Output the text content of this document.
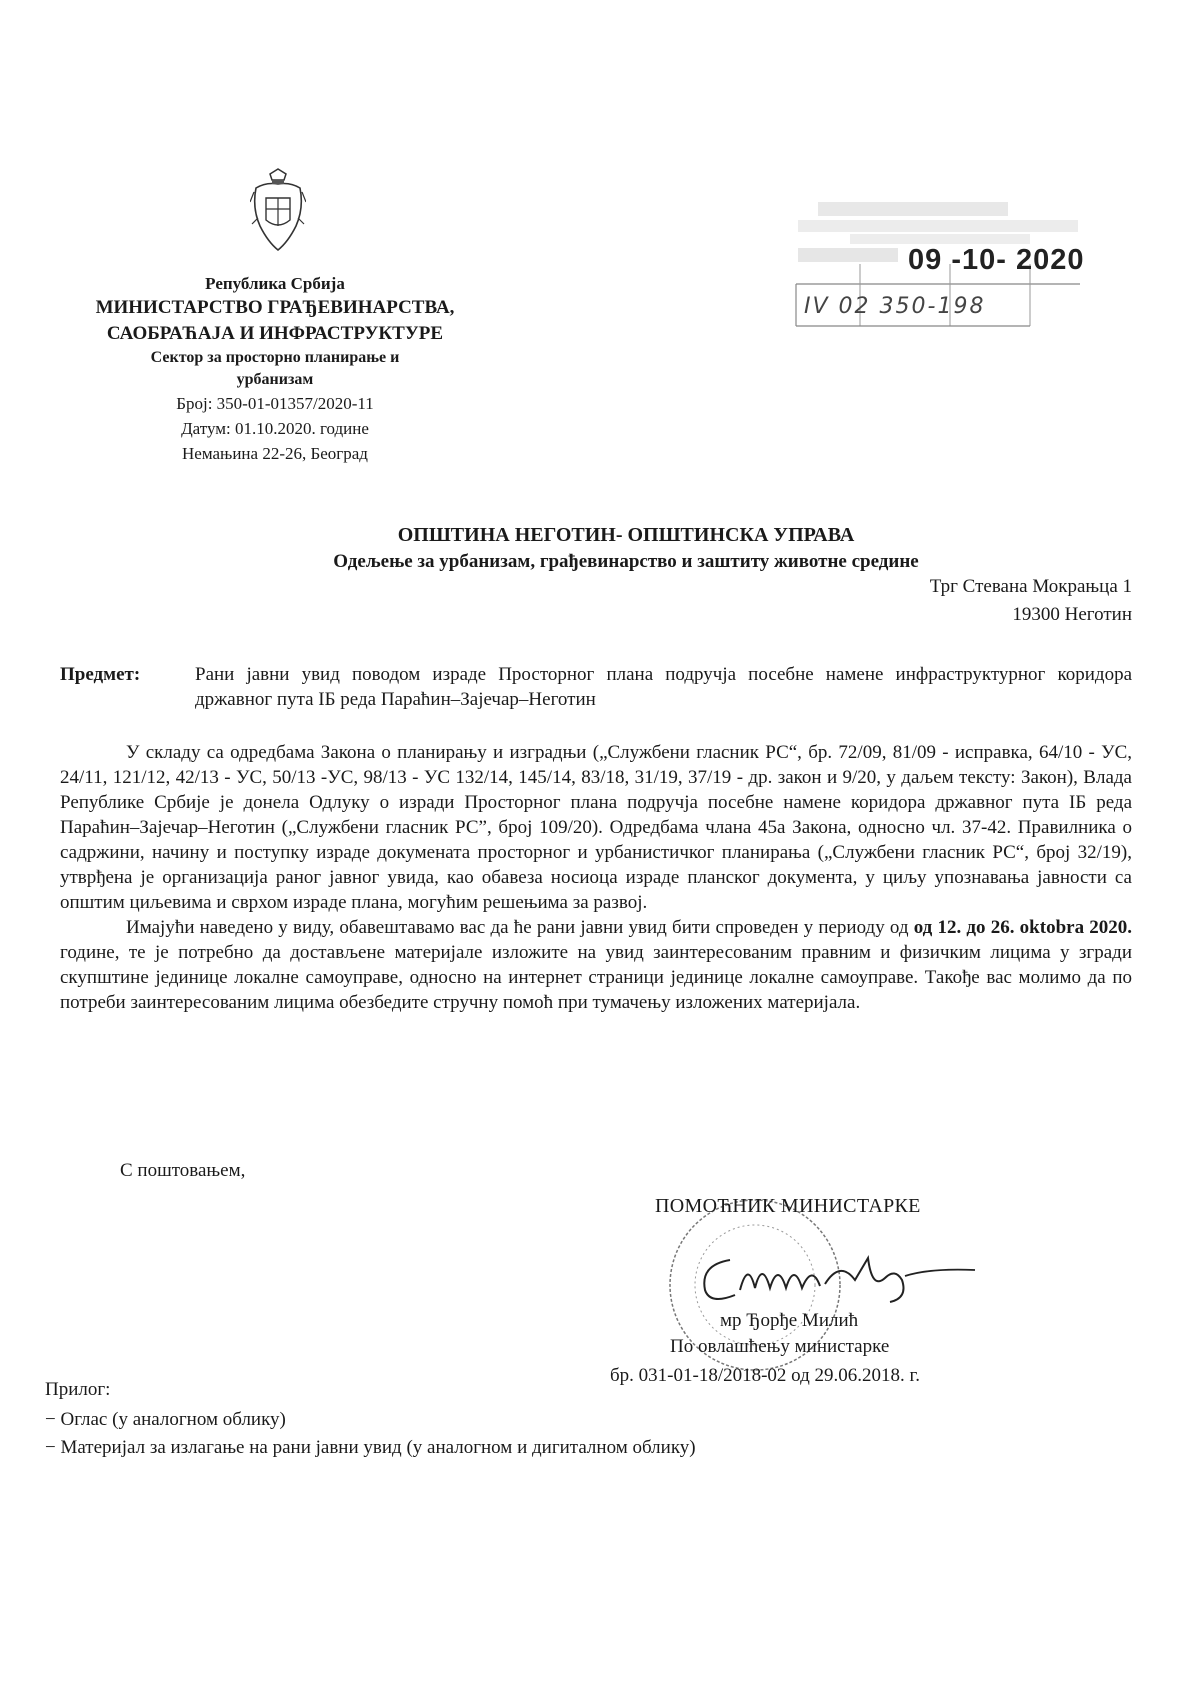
Република Србија
МИНИСТАРСТВО ГРАЂЕВИНАРСТВА,
САОБРАЋАЈА И ИНФРАСТРУКТУРЕ
Сектор за просторно планирање и
урбанизам
Број: 350-01-01357/2020-11
Датум: 01.10.2020. године
Немањина 22-26, Београд
09 -10- 2020
IV 02 350-198
ОПШТИНА НЕГОТИН- ОПШТИНСКА УПРАВА
Одељење за урбанизам, грађевинарство и заштиту животне средине
Трг Стевана Мокрањца 1
19300 Неготин
Предмет:	Рани јавни увид поводом израде Просторног плана подручја посебне намене инфраструктурног коридора државног пута IБ реда Параћин–Зајечар–Неготин

У складу са одредбама Закона о планирању и изградњи („Службени гласник РС“, бр. 72/09, 81/09 - исправка, 64/10 - УС, 24/11, 121/12, 42/13 - УС, 50/13 -УС, 98/13 - УС 132/14, 145/14, 83/18, 31/19, 37/19 - др. закон и 9/20, у даљем тексту: Закон), Влада Републике Србије је донела Одлуку о изради Просторног плана подручја посебне намене коридора државног пута IБ реда Параћин–Зајечар–Неготин („Службени гласник РС”, број 109/20). Одредбама члана 45а Закона, односно чл. 37-42. Правилника о садржини, начину и поступку израде докумената просторног и урбанистичког планирања („Службени гласник РС“, број 32/19), утврђена је организација раног јавног увида, као обавеза носиоца израде планског документа, у циљу упознавања јавности са општим циљевима и сврхом израде плана, могућим решењима за развој.

Имајући наведено у виду, обавештавамо вас да ће рани јавни увид бити спроведен у периоду од од 12. до 26. oktobra 2020. године, те је потребно да достављене материјале изложите на увид заинтересованим правним и физичким лицима у згради скупштине јединице локалне самоуправе, односно на интернет страници јединице локалне самоуправе. Такође вас молимо да по потреби заинтересованим лицима обезбедите стручну помоћ при тумачењу изложених материјала.

С поштовањем,
ПОМОЋНИК МИНИСТАРКЕ
мр Ђорђе Милић
По овлашћењу министарке
бр. 031-01-18/2018-02 од 29.06.2018. г.
Прилог:
− Оглас (у аналогном облику)
− Материјал за излагање на рани јавни увид (у аналогном и дигиталном облику)
